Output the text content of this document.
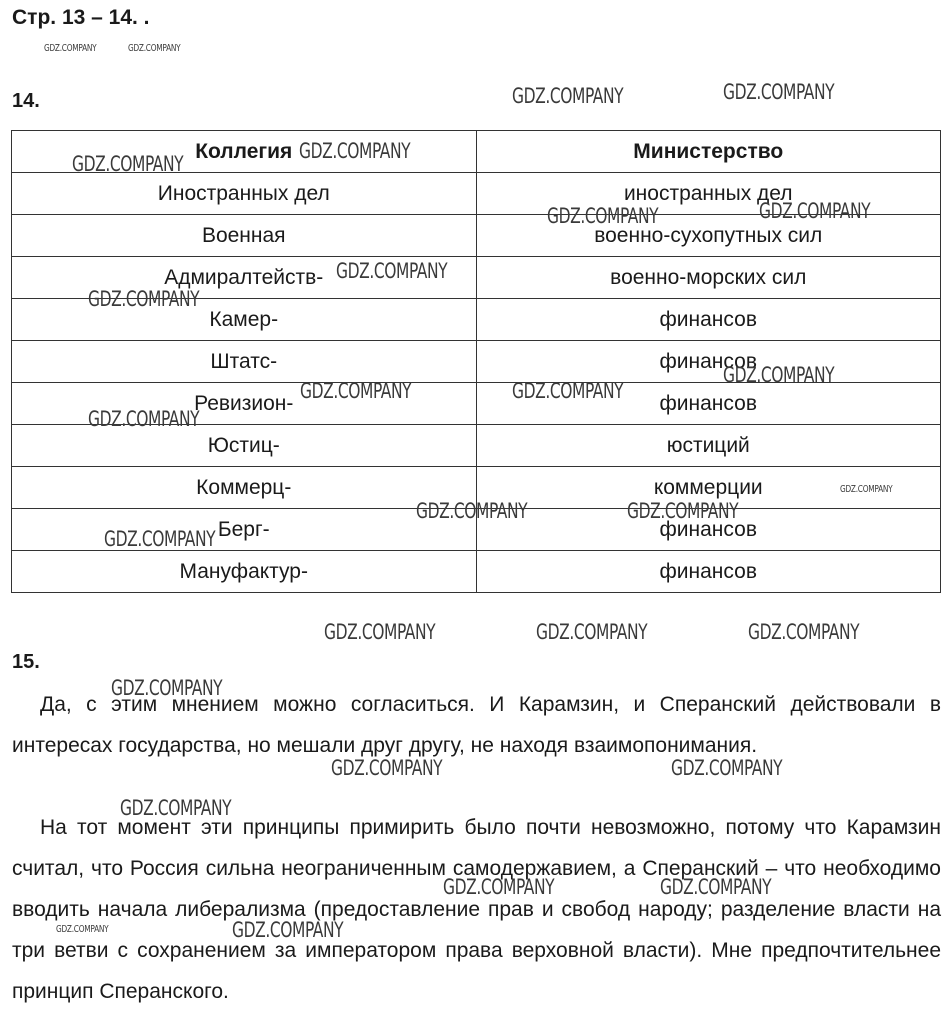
Стр. 13 – 14. .
14.
Коллегия	Министерство
Иностранных дел	иностранных дел
Военная	военно-сухопутных сил
Адмиралтейств-	военно-морских сил
Камер-	финансов
Штатс-	финансов
Ревизион-	финансов
Юстиц-	юстиций
Коммерц-	коммерции
Берг-	финансов
Мануфактур-	финансов
15.

Да, с этим мнением можно согласиться. И Карамзин, и Сперанский действовали в интересах государства, но мешали друг другу, не находя взаимопонимания.

На тот момент эти принципы примирить было почти невозможно, потому что Карамзин считал, что Россия сильна неограниченным самодержавием, а Сперанский – что необходимо вводить начала либерализма (предоставление прав и свобод народу; разделение власти на три ветви с сохранением за императором права верховной власти). Мне предпочтительнее принцип Сперанского.

GDZ.COMPANY	GDZ.COMPANY
GDZ.COMPANY	GDZ.COMPANY
GDZ.COMPANY
GDZ.COMPANY
GDZ.COMPANY	GDZ.COMPANY
GDZ.COMPANY
GDZ.COMPANY
GDZ.COMPANY
GDZ.COMPANY	GDZ.COMPANY
GDZ.COMPANY
GDZ.COMPANY
GDZ.COMPANY	GDZ.COMPANY
GDZ.COMPANY
GDZ.COMPANY	GDZ.COMPANY	GDZ.COMPANY
GDZ.COMPANY
GDZ.COMPANY	GDZ.COMPANY
GDZ.COMPANY
GDZ.COMPANY	GDZ.COMPANY
GDZ.COMPANY
GDZ.COMPANY
